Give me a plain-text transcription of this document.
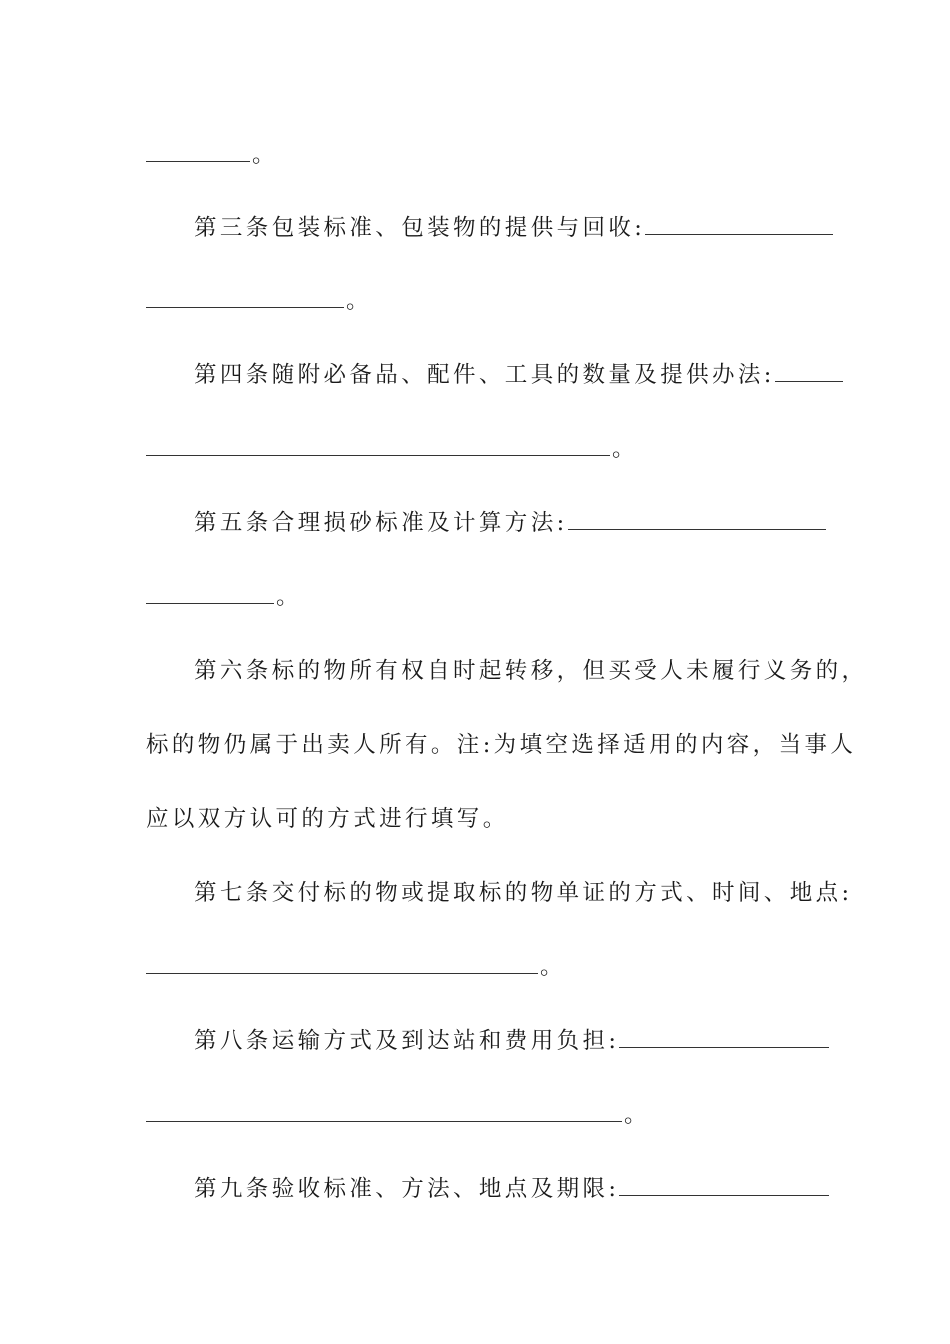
。
第三条包装标准、包装物的提供与回收:
。
第四条随附必备品、配件、工具的数量及提供办法:
。
第五条合理损砂标准及计算方法:
。
第六条标的物所有权自时起转移，但买受人未履行义务的，
标的物仍属于出卖人所有。注:为填空选择适用的内容，当事人
应以双方认可的方式进行填写。
第七条交付标的物或提取标的物单证的方式、时间、地点:
。
第八条运输方式及到达站和费用负担:
。
第九条验收标准、方法、地点及期限:
